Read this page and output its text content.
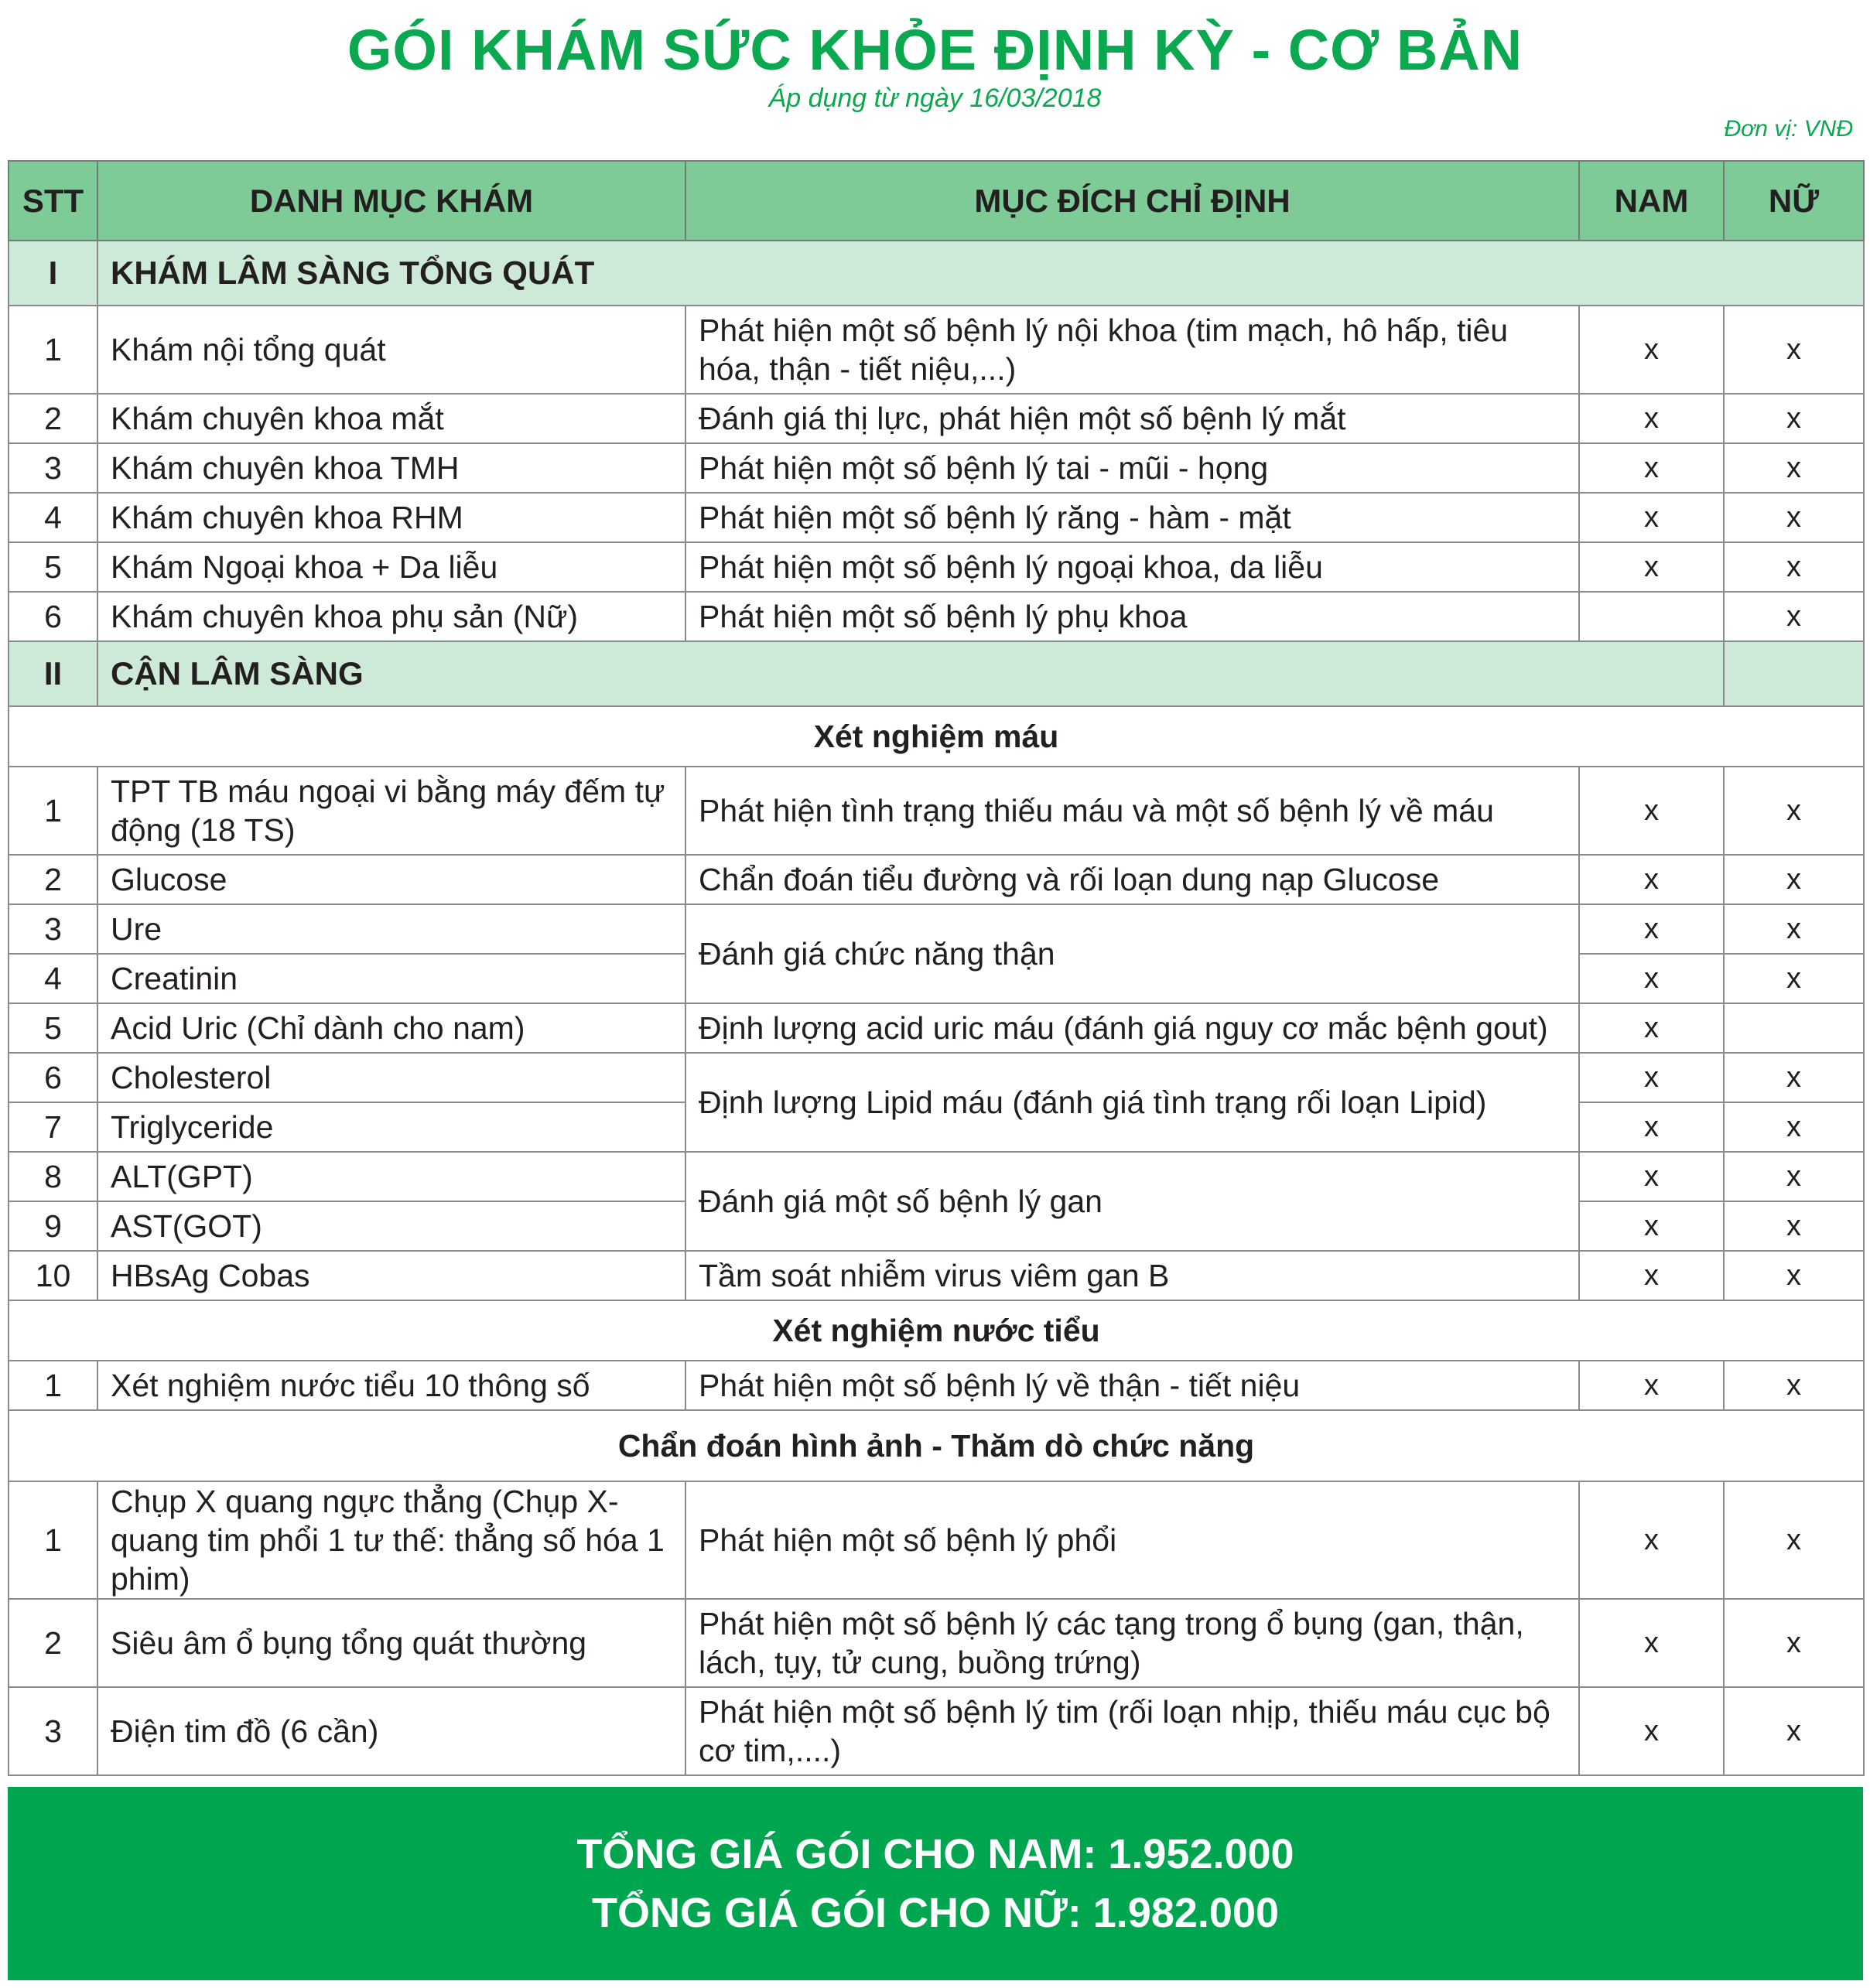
GÓI KHÁM SỨC KHỎE ĐỊNH KỲ - CƠ BẢN
Áp dụng từ ngày 16/03/2018
Đơn vị: VNĐ
STT	DANH MỤC KHÁM	MỤC ĐÍCH CHỈ ĐỊNH	NAM	NỮ
I	KHÁM LÂM SÀNG TỔNG QUÁT			
1	Khám nội tổng quát	Phát hiện một số bệnh lý nội khoa (tim mạch, hô hấp, tiêu hóa, thận - tiết niệu,...)	x	x
2	Khám chuyên khoa mắt	Đánh giá thị lực, phát hiện một số bệnh lý mắt	x	x
3	Khám chuyên khoa TMH	Phát hiện một số bệnh lý tai - mũi - họng	x	x
4	Khám chuyên khoa RHM	Phát hiện một số bệnh lý răng - hàm - mặt	x	x
5	Khám Ngoại khoa + Da liễu	Phát hiện một số bệnh lý ngoại khoa, da liễu	x	x
6	Khám chuyên khoa phụ sản (Nữ)	Phát hiện một số bệnh lý phụ khoa		x
II	CẬN LÂM SÀNG			
Xét nghiệm máu				
1	TPT TB máu ngoại vi bằng máy đếm tự động (18 TS)	Phát hiện tình trạng thiếu máu và một số bệnh lý về máu	x	x
2	Glucose	Chẩn đoán tiểu đường và rối loạn dung nạp Glucose	x	x
3	Ure	Đánh giá chức năng thận	x	x
4	Creatinin		x	x
5	Acid Uric (Chỉ dành cho nam)	Định lượng acid uric máu (đánh giá nguy cơ mắc bệnh gout)	x	
6	Cholesterol	Định lượng Lipid máu (đánh giá tình trạng rối loạn Lipid)	x	x
7	Triglyceride		x	x
8	ALT(GPT)	Đánh giá một số bệnh lý gan	x	x
9	AST(GOT)		x	x
10	HBsAg Cobas	Tầm soát nhiễm virus viêm gan B	x	x
Xét nghiệm nước tiểu				
1	Xét nghiệm nước tiểu 10 thông số	Phát hiện một số bệnh lý về thận - tiết niệu	x	x
Chẩn đoán hình ảnh - Thăm dò chức năng				
1	Chụp X quang ngực thẳng (Chụp X-quang tim phổi 1 tư thế: thẳng số hóa 1 phim)	Phát hiện một số bệnh lý phổi	x	x
2	Siêu âm ổ bụng tổng quát thường	Phát hiện một số bệnh lý các tạng trong ổ bụng (gan, thận, lách, tụy, tử cung, buồng trứng)	x	x
3	Điện tim đồ (6 cần)	Phát hiện một số bệnh lý tim (rối loạn nhịp, thiếu máu cục bộ cơ tim,....)	x	x
TỔNG GIÁ GÓI CHO NAM: 1.952.000
TỔNG GIÁ GÓI CHO NỮ: 1.982.000
